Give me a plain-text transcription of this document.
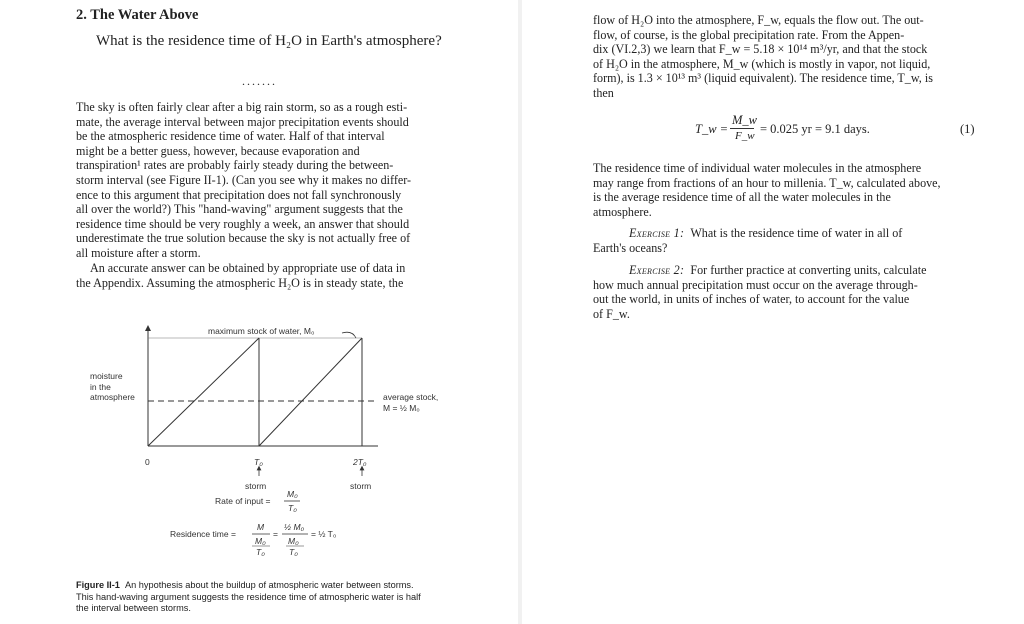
2. The Water Above
What is the residence time of H₂O in Earth's atmosphere?
.......
The sky is often fairly clear after a big rain storm, so as a rough esti-
mate, the average interval between major precipitation events should
be the atmospheric residence time of water. Half of that interval
might be a better guess, however, because evaporation and
transpiration¹ rates are probably fairly steady during the between-
storm interval (see Figure II-1). (Can you see why it makes no differ-
ence to this argument that precipitation does not fall synchronously
all over the world?) This "hand-waving" argument suggests that the
residence time should be very roughly a week, an answer that should
underestimate the true solution because the sky is not actually free of
all moisture after a storm.
An accurate answer can be obtained by appropriate use of data in
the Appendix. Assuming the atmospheric H₂O is in steady state, the
maximum stock of water, M₀
moisture
in the
atmosphere	average stock,
M = ½ M₀
0	T₀	2T₀
storm	storm
Rate of input =
M₀
T₀
Residence time =
M
M₀
T₀
=
½ M₀
M₀
T₀
= ½ T₀
Figure II-1 An hypothesis about the buildup of atmospheric water between storms.
This hand-waving argument suggests the residence time of atmospheric water is half
the interval between storms.
flow of H₂O into the atmosphere, F_w, equals the flow out. The out-
flow, of course, is the global precipitation rate. From the Appen-
dix (VI.2,3) we learn that F_w = 5.18 × 10¹⁴ m³/yr, and that the stock
of H₂O in the atmosphere, M_w (which is mostly in vapor, not liquid,
form), is 1.3 × 10¹³ m³ (liquid equivalent). The residence time, T_w, is
then
T_w =
M_w
F_w = 0.025 yr = 9.1 days.	(1)
The residence time of individual water molecules in the atmosphere
may range from fractions of an hour to millenia. T_w, calculated above,
is the average residence time of all the water molecules in the
atmosphere.
Exercise 1: What is the residence time of water in all of
Earth's oceans?
Exercise 2: For further practice at converting units, calculate
how much annual precipitation must occur on the average through-
out the world, in units of inches of water, to account for the value
of F_w.
